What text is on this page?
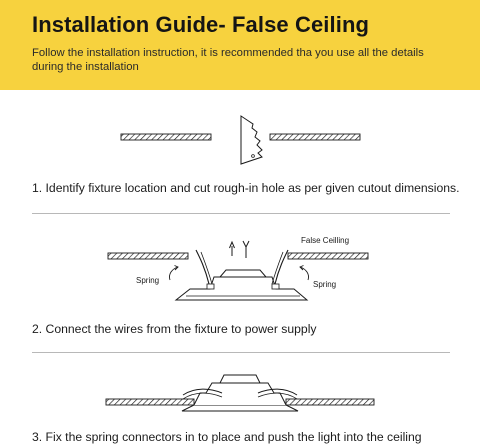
Installation Guide- False Ceiling

Follow the installation instruction, it is recommended tha you use all the details during the installation

1. Identify fixture location and cut rough-in hole as per given cutout dimensions.

False Ceilling
Spring	Spring

2. Connect the wires from the fixture to power supply

3. Fix the spring connectors in to place and push the light into the ceiling
